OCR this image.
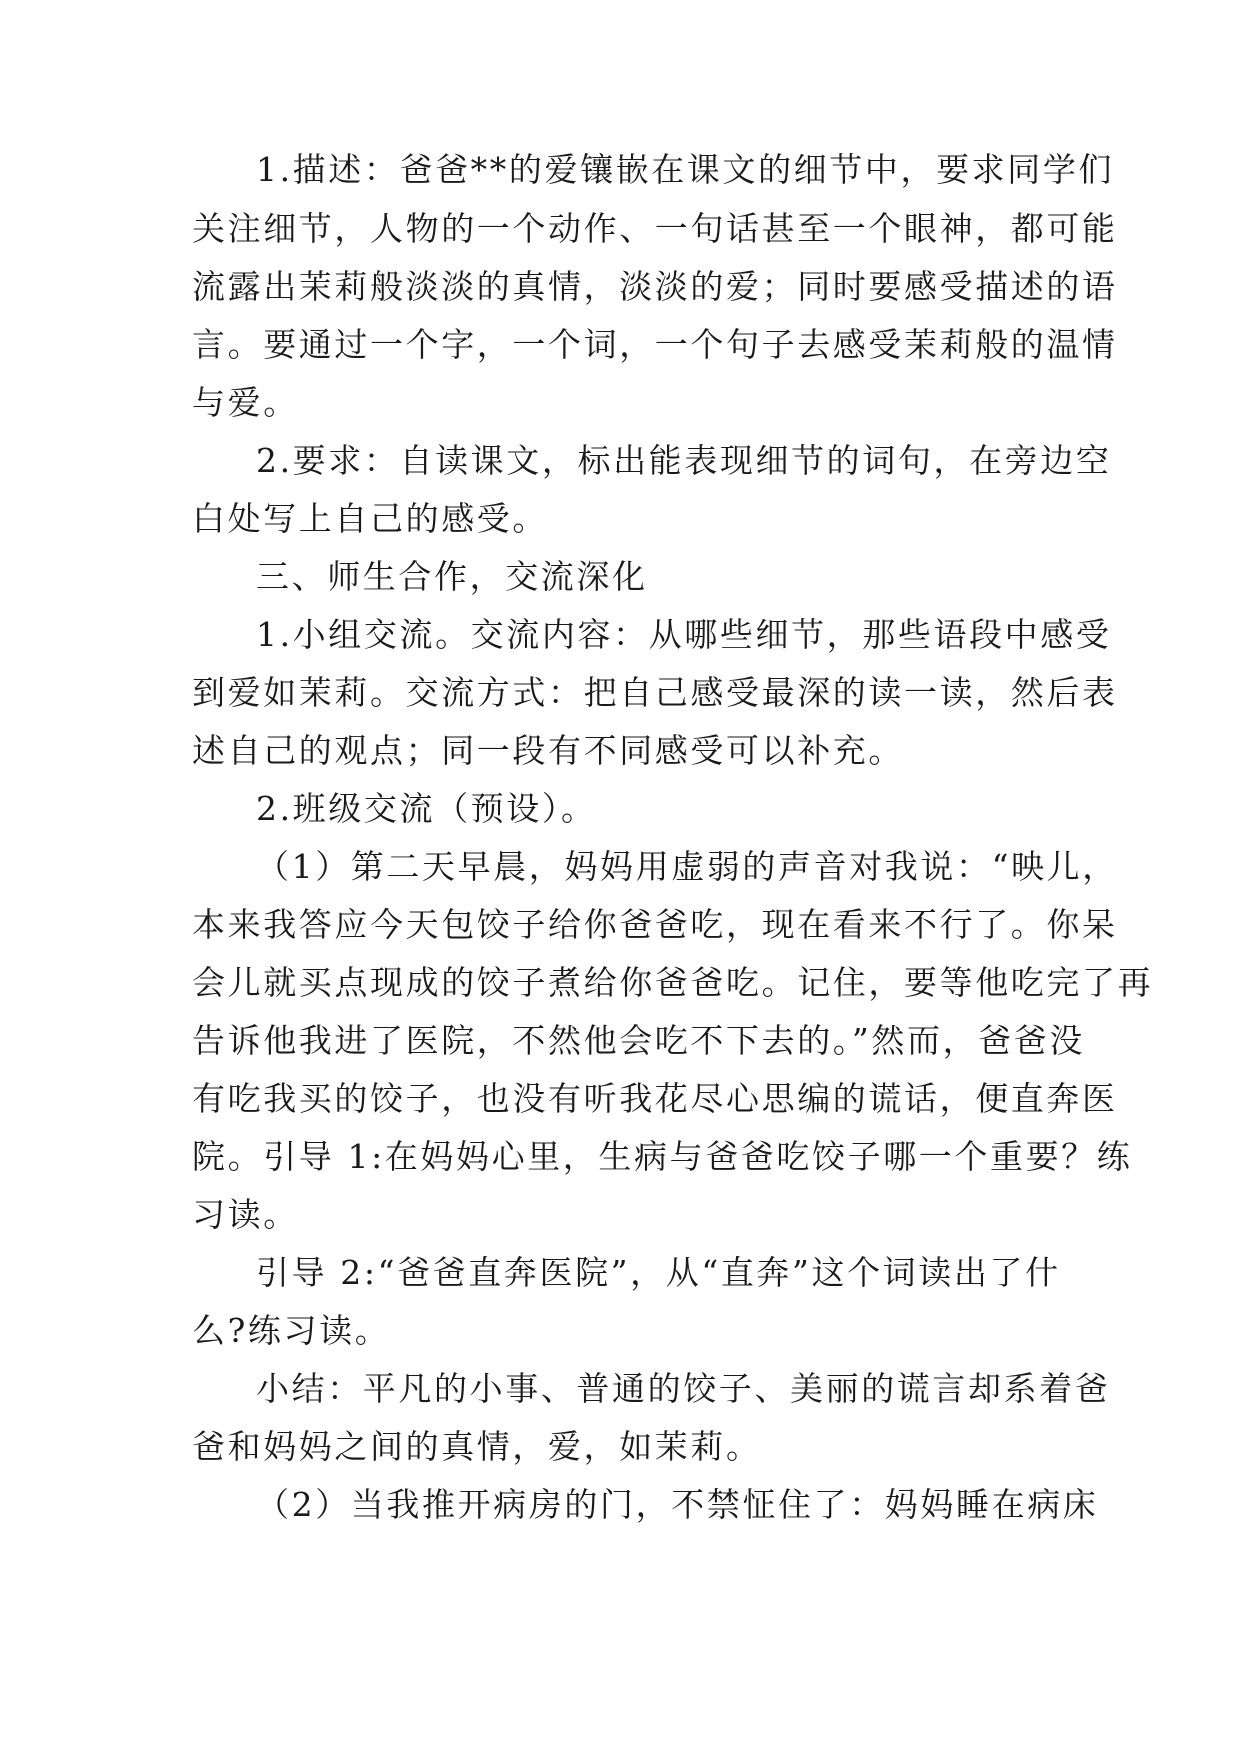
1.描述：爸爸**的爱镶嵌在课文的细节中，要求同学们
关注细节，人物的一个动作、一句话甚至一个眼神，都可能
流露出茉莉般淡淡的真情，淡淡的爱；同时要感受描述的语
言。要通过一个字，一个词，一个句子去感受茉莉般的温情
与爱。
2.要求：自读课文，标出能表现细节的词句，在旁边空
白处写上自己的感受。
三、师生合作，交流深化
1.小组交流。交流内容：从哪些细节，那些语段中感受
到爱如茉莉。交流方式：把自己感受最深的读一读，然后表
述自己的观点；同一段有不同感受可以补充。
2.班级交流（预设）。
（1）第二天早晨，妈妈用虚弱的声音对我说：“映儿，
本来我答应今天包饺子给你爸爸吃，现在看来不行了。你呆
会儿就买点现成的饺子煮给你爸爸吃。记住，要等他吃完了再
告诉他我进了医院，不然他会吃不下去的。”然而，爸爸没
有吃我买的饺子，也没有听我花尽心思编的谎话，便直奔医
院。引导 1:在妈妈心里，生病与爸爸吃饺子哪一个重要？练
习读。
引导 2:“爸爸直奔医院”，从“直奔”这个词读出了什
么?练习读。
小结：平凡的小事、普通的饺子、美丽的谎言却系着爸
爸和妈妈之间的真情，爱，如茉莉。
（2）当我推开病房的门，不禁怔住了：妈妈睡在病床
